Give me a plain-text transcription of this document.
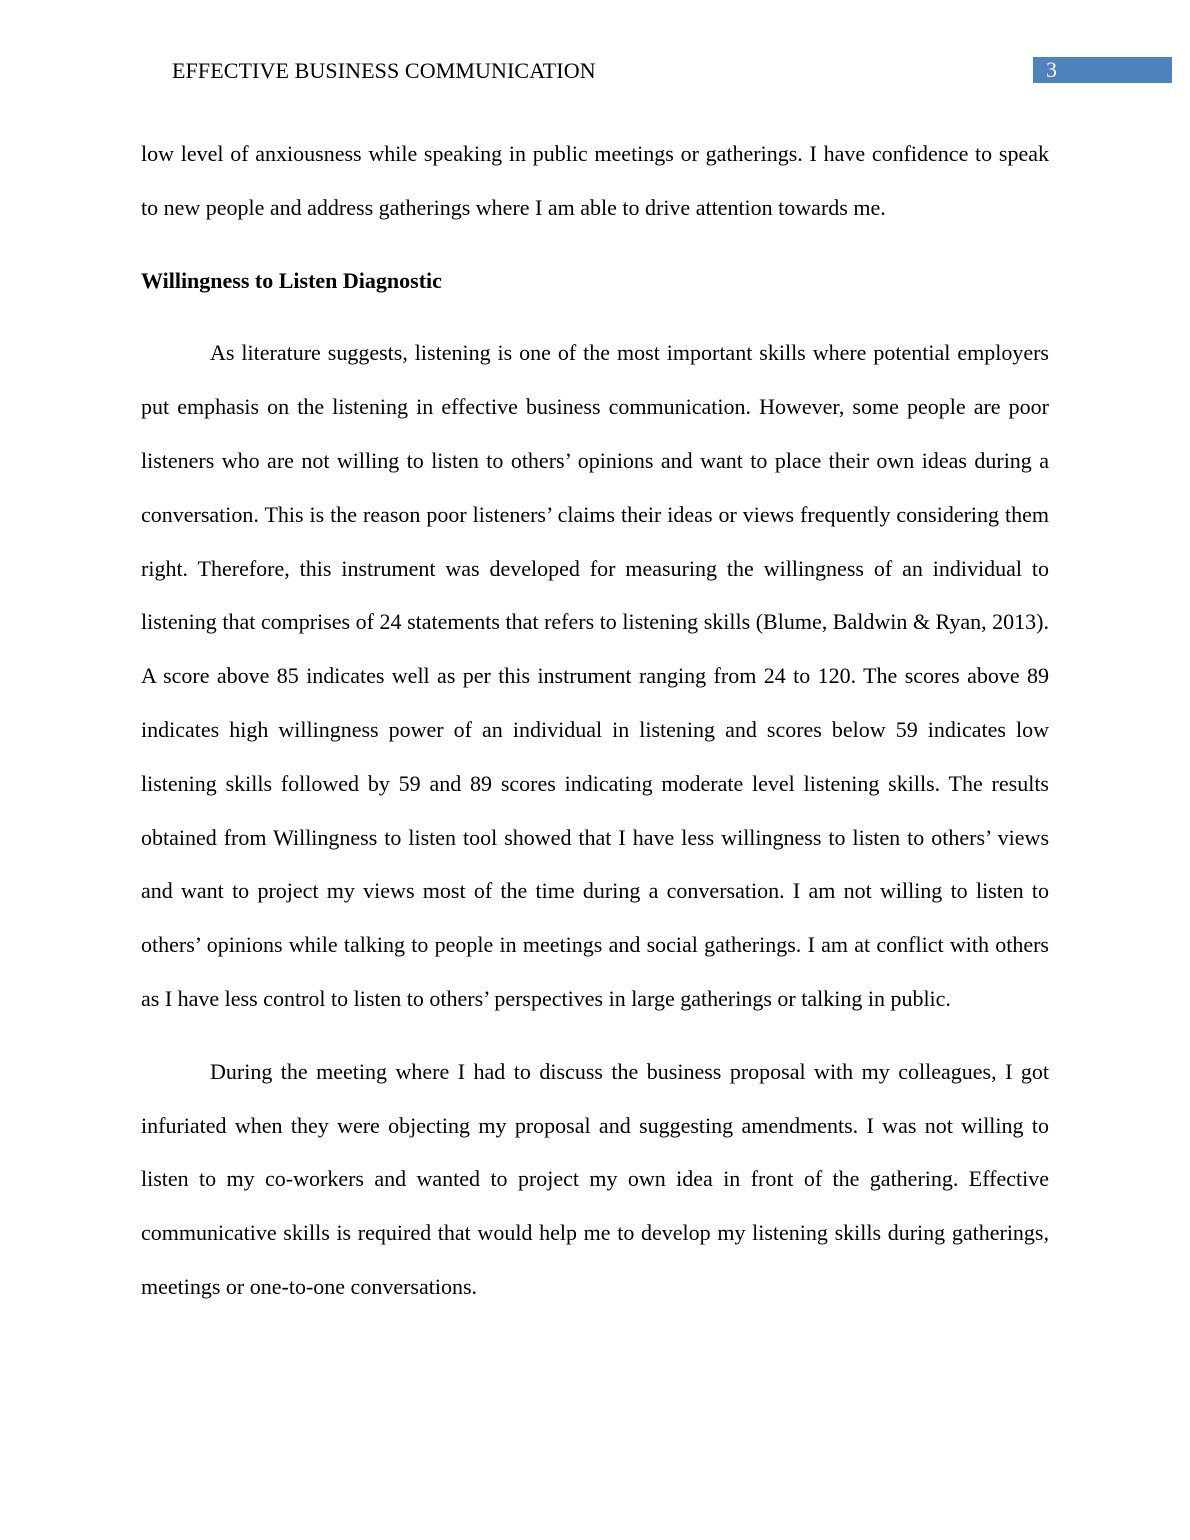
EFFECTIVE BUSINESS COMMUNICATION	3

low level of anxiousness while speaking in public meetings or gatherings. I have confidence to speak to new people and address gatherings where I am able to drive attention towards me.

Willingness to Listen Diagnostic

As literature suggests, listening is one of the most important skills where potential employers put emphasis on the listening in effective business communication. However, some people are poor listeners who are not willing to listen to others’ opinions and want to place their own ideas during a conversation. This is the reason poor listeners’ claims their ideas or views frequently considering them right. Therefore, this instrument was developed for measuring the willingness of an individual to listening that comprises of 24 statements that refers to listening skills (Blume, Baldwin & Ryan, 2013). A score above 85 indicates well as per this instrument ranging from 24 to 120. The scores above 89 indicates high willingness power of an individual in listening and scores below 59 indicates low listening skills followed by 59 and 89 scores indicating moderate level listening skills. The results obtained from Willingness to listen tool showed that I have less willingness to listen to others’ views and want to project my views most of the time during a conversation. I am not willing to listen to others’ opinions while talking to people in meetings and social gatherings. I am at conflict with others as I have less control to listen to others’ perspectives in large gatherings or talking in public.

During the meeting where I had to discuss the business proposal with my colleagues, I got infuriated when they were objecting my proposal and suggesting amendments. I was not willing to listen to my co-workers and wanted to project my own idea in front of the gathering. Effective communicative skills is required that would help me to develop my listening skills during gatherings, meetings or one-to-one conversations.
